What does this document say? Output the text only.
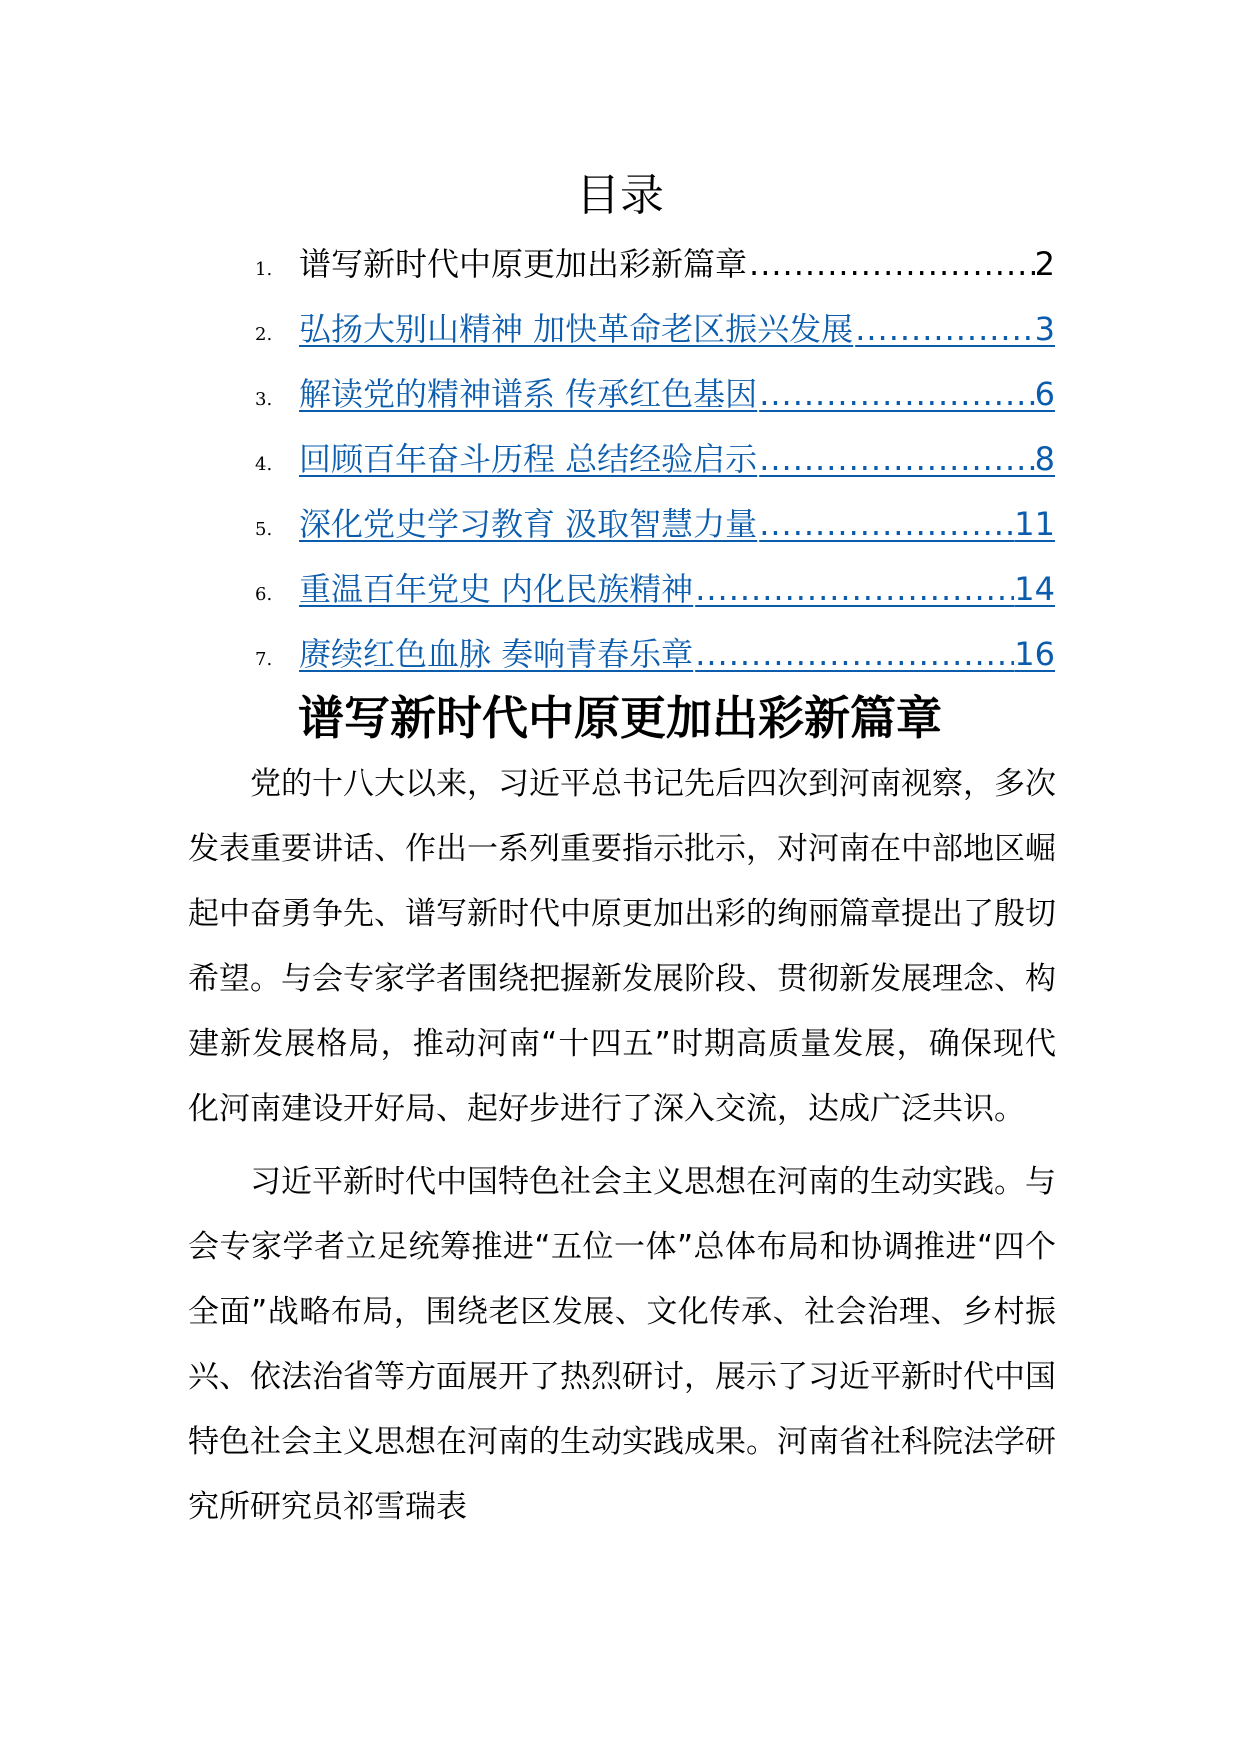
目录
1. 谱写新时代中原更加出彩新篇章 .....	2
2. 弘扬大别山精神 加快革命老区振兴发展 .....	3
3. 解读党的精神谱系 传承红色基因 .....	6
4. 回顾百年奋斗历程 总结经验启示 .....	8
5. 深化党史学习教育 汲取智慧力量 .....	11
6. 重温百年党史 内化民族精神 .....	14
7. 赓续红色血脉 奏响青春乐章 .....	16
谱写新时代中原更加出彩新篇章

党的十八大以来，习近平总书记先后四次到河南视察，多次发表重要讲话、作出一系列重要指示批示，对河南在中部地区崛起中奋勇争先、谱写新时代中原更加出彩的绚丽篇章提出了殷切希望。与会专家学者围绕把握新发展阶段、贯彻新发展理念、构建新发展格局，推动河南“十四五”时期高质量发展，确保现代化河南建设开好局、起好步进行了深入交流，达成广泛共识。

习近平新时代中国特色社会主义思想在河南的生动实践。与会专家学者立足统筹推进“五位一体”总体布局和协调推进“四个全面”战略布局，围绕老区发展、文化传承、社会治理、乡村振兴、依法治省等方面展开了热烈研讨，展示了习近平新时代中国特色社会主义思想在河南的生动实践成果。河南省社科院法学研究所研究员祁雪瑞表
